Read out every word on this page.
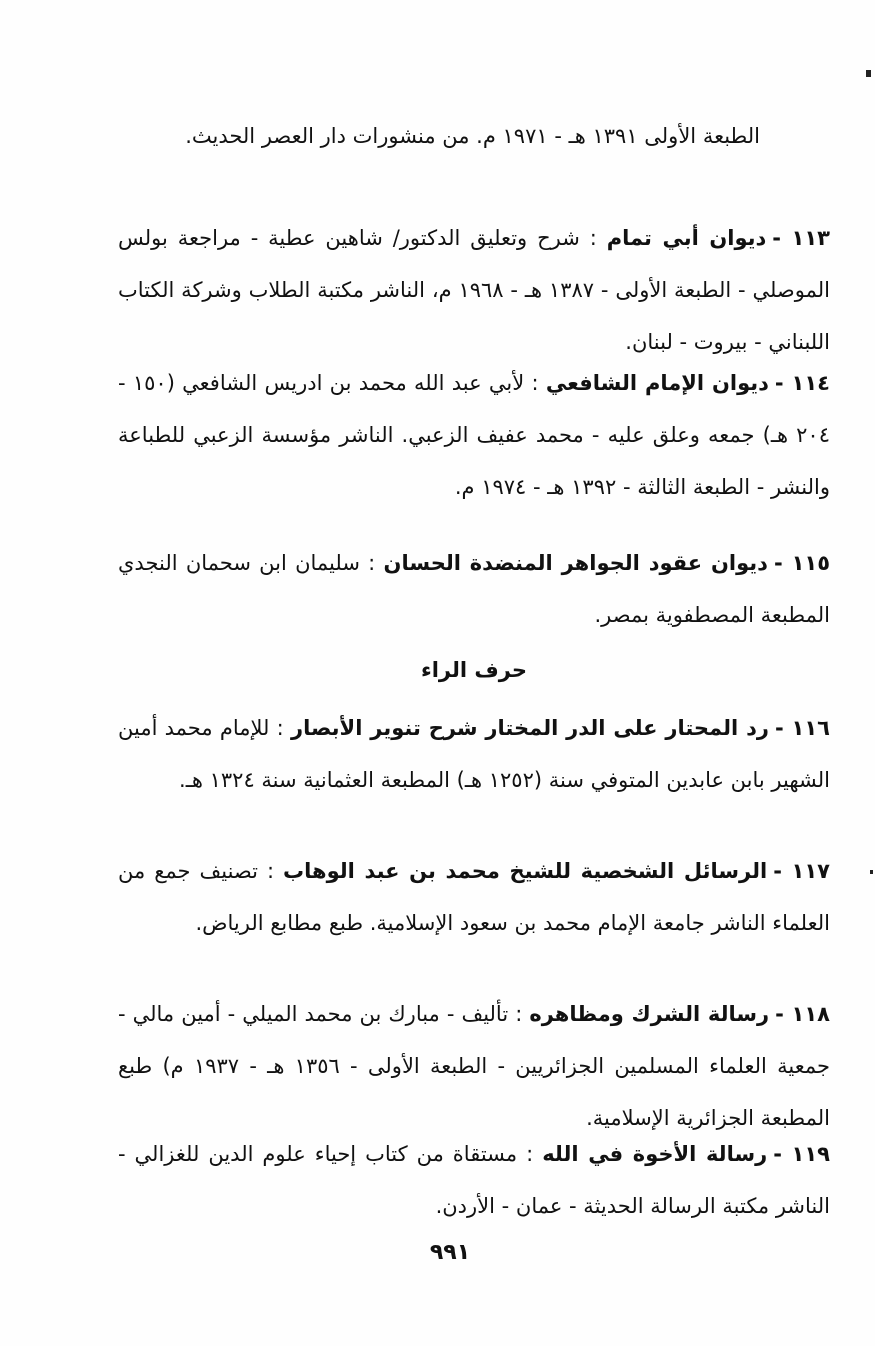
الطبعة الأولى ١٣٩١ هـ - ١٩٧١ م. من منشورات دار العصر الحديث.

١١٣ -ديوان أبي تمام : شرح وتعليق الدكتور/ شاهين عطية - مراجعة بولس الموصلي - الطبعة الأولى - ١٣٨٧ هـ - ١٩٦٨ م، الناشر مكتبة الطلاب وشركة الكتاب اللبناني - بيروت - لبنان.
١١٤ -ديوان الإمام الشافعي : لأبي عبد الله محمد بن ادريس الشافعي (١٥٠ - ٢٠٤ هـ) جمعه وعلق عليه - محمد عفيف الزعبي. الناشر مؤسسة الزعبي للطباعة والنشر - الطبعة الثالثة - ١٣٩٢ هـ - ١٩٧٤ م.
١١٥ -ديوان عقود الجواهر المنضدة الحسان : سليمان ابن سحمان النجدي المطبعة المصطفوية بمصر.
حرف الراء
١١٦ -رد المحتار على الدر المختار شرح تنوير الأبصار : للإمام محمد أمين الشهير بابن عابدين المتوفي سنة (١٢٥٢ هـ) المطبعة العثمانية سنة ١٣٢٤ هـ.
١١٧ -الرسائل الشخصية للشيخ محمد بن عبد الوهاب : تصنيف جمع من العلماء الناشر جامعة الإمام محمد بن سعود الإسلامية. طبع مطابع الرياض.
١١٨ -رسالة الشرك ومظاهره : تأليف - مبارك بن محمد الميلي - أمين مالي - جمعية العلماء المسلمين الجزائريين - الطبعة الأولى - ١٣٥٦ هـ - ١٩٣٧ م) طبع المطبعة الجزائرية الإسلامية.
١١٩ -رسالة الأخوة في الله : مستقاة من كتاب إحياء علوم الدين للغزالي - الناشر مكتبة الرسالة الحديثة - عمان - الأردن.
٩٩١
